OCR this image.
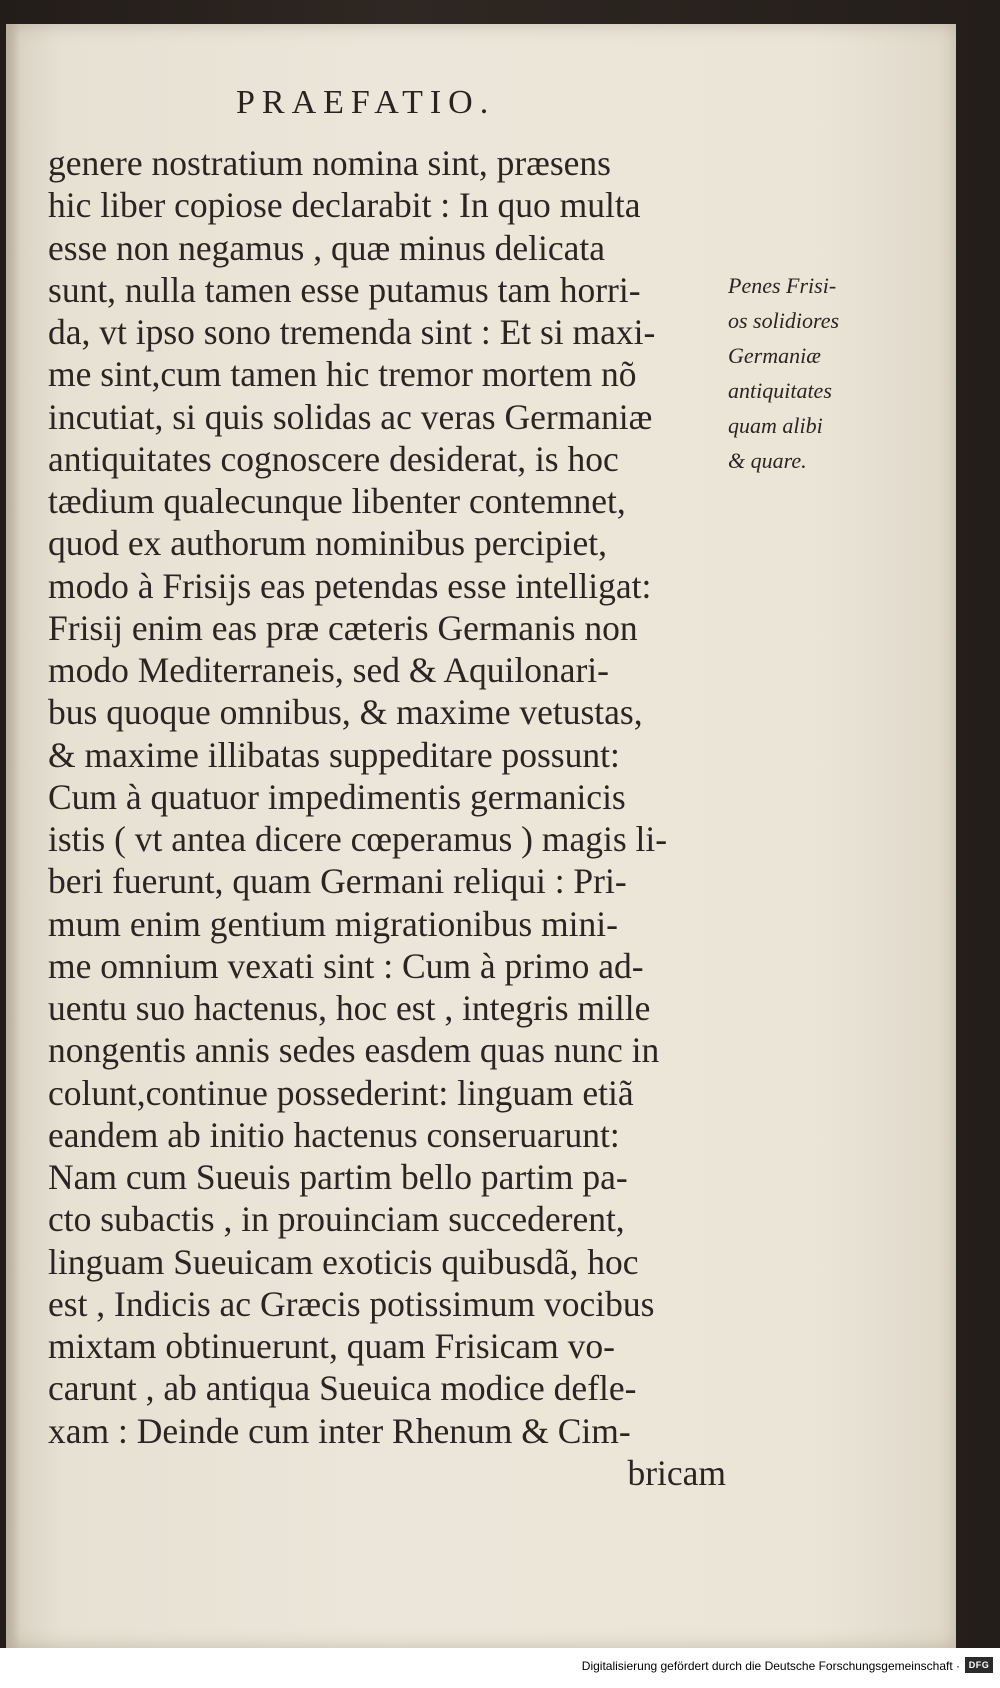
PRAEFATIO.
genere nostratium nomina sint, præsens
hic liber copiose declarabit : In quo multa
esse non negamus , quæ minus delicata
sunt, nulla tamen esse putamus tam horri-
da, vt ipso sono tremenda sint : Et si maxi-
me sint,cum tamen hic tremor mortem nõ
incutiat, si quis solidas ac veras Germaniæ
antiquitates cognoscere desiderat, is hoc
tædium qualecunque libenter contemnet,
quod ex authorum nominibus percipiet,
modo à Frisijs eas petendas esse intelligat:
Frisij enim eas præ cæteris Germanis non
modo Mediterraneis, sed & Aquilonari-
bus quoque omnibus, & maxime vetustas,
& maxime illibatas suppeditare possunt:
Cum à quatuor impedimentis germanicis
istis ( vt antea dicere cœperamus ) magis li-
beri fuerunt, quam Germani reliqui : Pri-
mum enim gentium migrationibus mini-
me omnium vexati sint : Cum à primo ad-
uentu suo hactenus, hoc est , integris mille
nongentis annis sedes easdem quas nunc in
colunt,continue possederint: linguam etiã
eandem ab initio hactenus conseruarunt:
Nam cum Sueuis partim bello partim pa-
cto subactis , in prouinciam succederent,
linguam Sueuicam exoticis quibusdã, hoc
est , Indicis ac Græcis potissimum vocibus
mixtam obtinuerunt, quam Frisicam vo-
carunt , ab antiqua Sueuica modice defle-
xam : Deinde cum inter Rhenum & Cim-
bricam
Penes Frisi-
os solidiores
Germaniæ
antiquitates
quam alibi
& quare.
Digitalisierung gefördert durch die Deutsche Forschungsgemeinschaft · DFG
